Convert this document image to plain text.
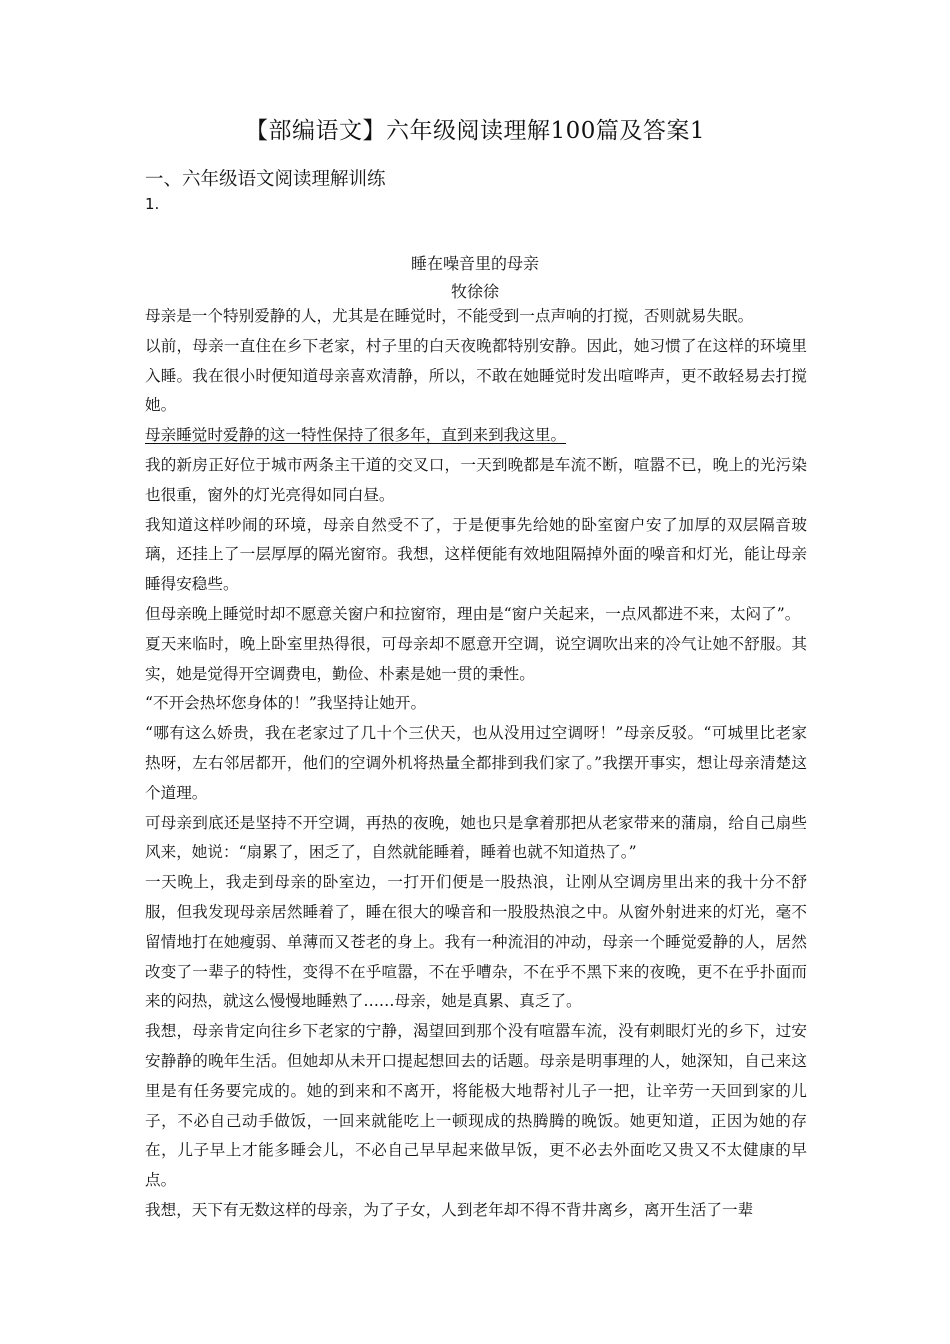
【部编语文】六年级阅读理解100篇及答案1
一、六年级语文阅读理解训练
1.
睡在噪音里的母亲
牧徐徐

母亲是一个特别爱静的人，尤其是在睡觉时，不能受到一点声响的打搅，否则就易失眠。

以前，母亲一直住在乡下老家，村子里的白天夜晚都特别安静。因此，她习惯了在这样的环境里入睡。我在很小时便知道母亲喜欢清静，所以，不敢在她睡觉时发出喧哗声，更不敢轻易去打搅她。

母亲睡觉时爱静的这一特性保持了很多年，直到来到我这里。

我的新房正好位于城市两条主干道的交叉口，一天到晚都是车流不断，喧嚣不已，晚上的光污染也很重，窗外的灯光亮得如同白昼。

我知道这样吵闹的环境，母亲自然受不了，于是便事先给她的卧室窗户安了加厚的双层隔音玻璃，还挂上了一层厚厚的隔光窗帘。我想，这样便能有效地阻隔掉外面的噪音和灯光，能让母亲睡得安稳些。

但母亲晚上睡觉时却不愿意关窗户和拉窗帘，理由是“窗户关起来，一点风都进不来，太闷了”。

夏天来临时，晚上卧室里热得很，可母亲却不愿意开空调，说空调吹出来的冷气让她不舒服。其实，她是觉得开空调费电，勤俭、朴素是她一贯的秉性。

“不开会热坏您身体的！”我坚持让她开。

“哪有这么娇贵，我在老家过了几十个三伏天，也从没用过空调呀！”母亲反驳。“可城里比老家热呀，左右邻居都开，他们的空调外机将热量全都排到我们家了。”我摆开事实，想让母亲清楚这个道理。

可母亲到底还是坚持不开空调，再热的夜晚，她也只是拿着那把从老家带来的蒲扇，给自己扇些风来，她说：“扇累了，困乏了，自然就能睡着，睡着也就不知道热了。”

一天晚上，我走到母亲的卧室边，一打开们便是一股热浪，让刚从空调房里出来的我十分不舒服，但我发现母亲居然睡着了，睡在很大的噪音和一股股热浪之中。从窗外射进来的灯光，毫不留情地打在她瘦弱、单薄而又苍老的身上。我有一种流泪的冲动，母亲一个睡觉爱静的人，居然改变了一辈子的特性，变得不在乎喧嚣，不在乎嘈杂，不在乎不黑下来的夜晚，更不在乎扑面而来的闷热，就这么慢慢地睡熟了……母亲，她是真累、真乏了。

我想，母亲肯定向往乡下老家的宁静，渴望回到那个没有喧嚣车流，没有刺眼灯光的乡下，过安安静静的晚年生活。但她却从未开口提起想回去的话题。母亲是明事理的人，她深知，自己来这里是有任务要完成的。她的到来和不离开，将能极大地帮衬儿子一把，让辛劳一天回到家的儿子，不必自己动手做饭，一回来就能吃上一顿现成的热腾腾的晚饭。她更知道，正因为她的存在，儿子早上才能多睡会儿，不必自己早早起来做早饭，更不必去外面吃又贵又不太健康的早点。

我想，天下有无数这样的母亲，为了子女，人到老年却不得不背井离乡，离开生活了一辈
